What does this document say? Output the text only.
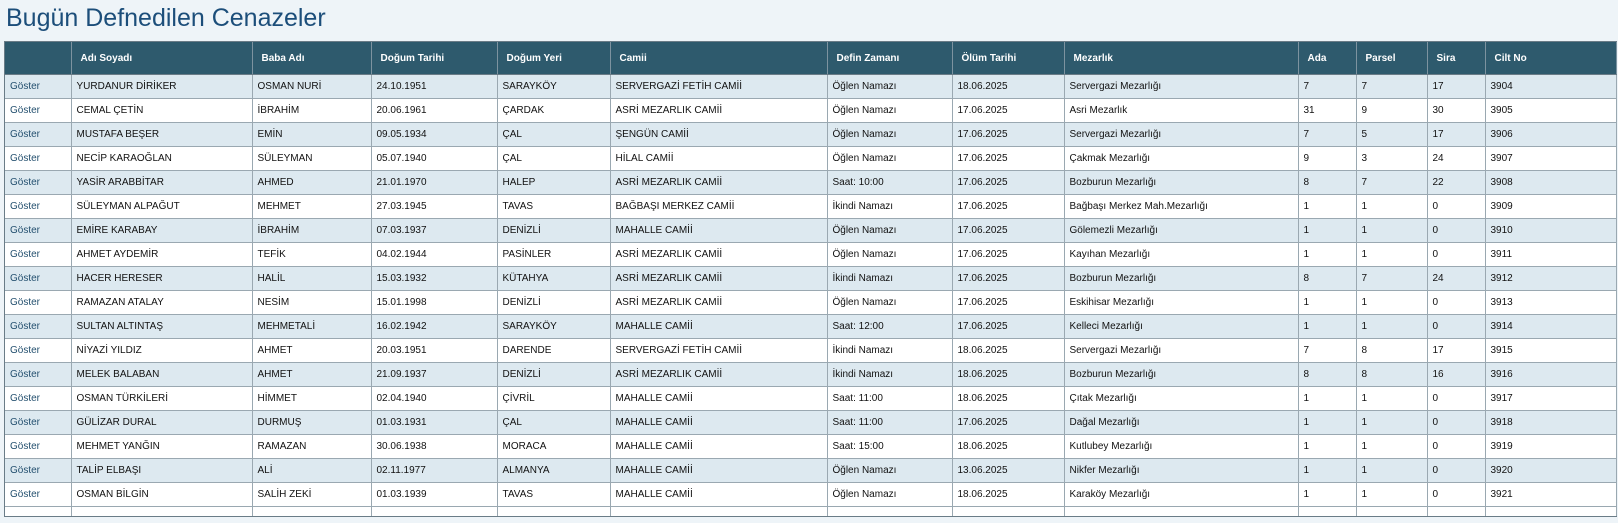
Bugün Defnedilen Cenazeler
	Adı Soyadı	Baba Adı	Doğum Tarihi	Doğum Yeri	Camii	Defin Zamanı	Ölüm Tarihi	Mezarlık	Ada	Parsel	Sira	Cilt No
Göster	YURDANUR DİRİKER	OSMAN NURİ	24.10.1951	SARAYKÖY	SERVERGAZİ FETİH CAMİİ	Öğlen Namazı	18.06.2025	Servergazi Mezarlığı	7	7	17	3904
Göster	CEMAL ÇETİN	İBRAHİM	20.06.1961	ÇARDAK	ASRİ MEZARLIK CAMİİ	Öğlen Namazı	17.06.2025	Asri Mezarlık	31	9	30	3905
Göster	MUSTAFA BEŞER	EMİN	09.05.1934	ÇAL	ŞENGÜN CAMİİ	Öğlen Namazı	17.06.2025	Servergazi Mezarlığı	7	5	17	3906
Göster	NECİP KARAOĞLAN	SÜLEYMAN	05.07.1940	ÇAL	HİLAL CAMİİ	Öğlen Namazı	17.06.2025	Çakmak Mezarlığı	9	3	24	3907
Göster	YASİR ARABBİTAR	AHMED	21.01.1970	HALEP	ASRİ MEZARLIK CAMİİ	Saat: 10:00	17.06.2025	Bozburun Mezarlığı	8	7	22	3908
Göster	SÜLEYMAN ALPAĞUT	MEHMET	27.03.1945	TAVAS	BAĞBAŞI MERKEZ CAMİİ	İkindi Namazı	17.06.2025	Bağbaşı Merkez Mah.Mezarlığı	1	1	0	3909
Göster	EMİRE KARABAY	İBRAHİM	07.03.1937	DENİZLİ	MAHALLE CAMİİ	Öğlen Namazı	17.06.2025	Gölemezli Mezarlığı	1	1	0	3910
Göster	AHMET AYDEMİR	TEFİK	04.02.1944	PASİNLER	ASRİ MEZARLIK CAMİİ	Öğlen Namazı	17.06.2025	Kayıhan Mezarlığı	1	1	0	3911
Göster	HACER HERESER	HALİL	15.03.1932	KÜTAHYA	ASRİ MEZARLIK CAMİİ	İkindi Namazı	17.06.2025	Bozburun Mezarlığı	8	7	24	3912
Göster	RAMAZAN ATALAY	NESİM	15.01.1998	DENİZLİ	ASRİ MEZARLIK CAMİİ	Öğlen Namazı	17.06.2025	Eskihisar Mezarlığı	1	1	0	3913
Göster	SULTAN ALTINTAŞ	MEHMETALİ	16.02.1942	SARAYKÖY	MAHALLE CAMİİ	Saat: 12:00	17.06.2025	Kelleci Mezarlığı	1	1	0	3914
Göster	NİYAZİ YILDIZ	AHMET	20.03.1951	DARENDE	SERVERGAZİ FETİH CAMİİ	İkindi Namazı	18.06.2025	Servergazi Mezarlığı	7	8	17	3915
Göster	MELEK BALABAN	AHMET	21.09.1937	DENİZLİ	ASRİ MEZARLIK CAMİİ	İkindi Namazı	18.06.2025	Bozburun Mezarlığı	8	8	16	3916
Göster	OSMAN TÜRKİLERİ	HİMMET	02.04.1940	ÇİVRİL	MAHALLE CAMİİ	Saat: 11:00	18.06.2025	Çıtak Mezarlığı	1	1	0	3917
Göster	GÜLİZAR DURAL	DURMUŞ	01.03.1931	ÇAL	MAHALLE CAMİİ	Saat: 11:00	17.06.2025	Dağal Mezarlığı	1	1	0	3918
Göster	MEHMET YANĞIN	RAMAZAN	30.06.1938	MORACA	MAHALLE CAMİİ	Saat: 15:00	18.06.2025	Kutlubey Mezarlığı	1	1	0	3919
Göster	TALİP ELBAŞI	ALİ	02.11.1977	ALMANYA	MAHALLE CAMİİ	Öğlen Namazı	13.06.2025	Nikfer Mezarlığı	1	1	0	3920
Göster	OSMAN BİLGİN	SALİH ZEKİ	01.03.1939	TAVAS	MAHALLE CAMİİ	Öğlen Namazı	18.06.2025	Karaköy Mezarlığı	1	1	0	3921
